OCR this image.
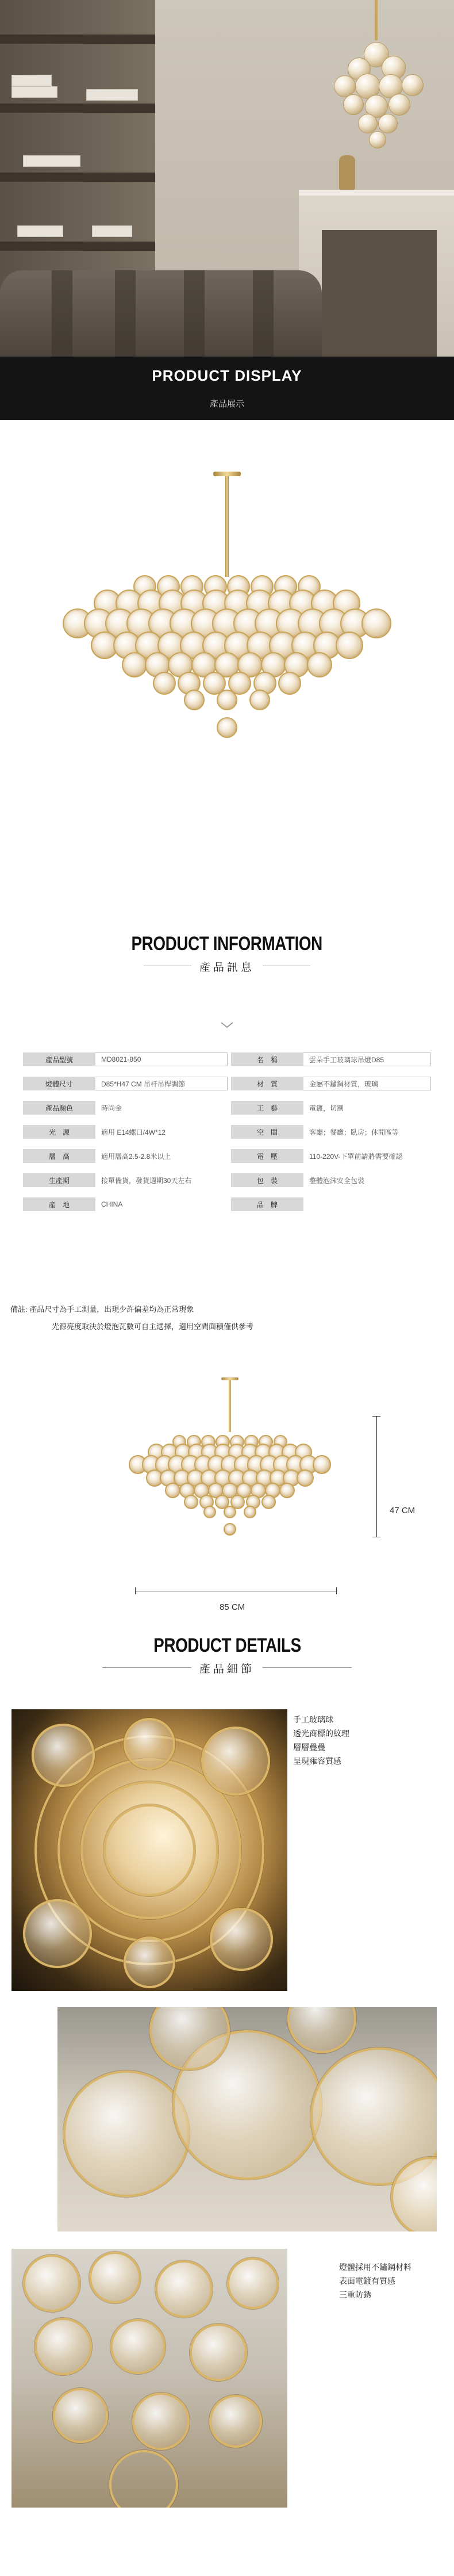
PRODUCT DISPLAY
產品展示
PRODUCT INFORMATION
產品訊息
產品型號	MD8021-850	名　稱	雲朵手工玻璃球吊燈D85
燈體尺寸	D85*H47 CM 吊杆吊桿調節	材　質	金屬不鏽鋼材質，玻璃
產品顏色	時尚金	工　藝	電鍍，切割
光　源	適用 E14螺口/4W*12	空　間	客廳；餐廳；臥房；休閒區等
層　高	適用層高2.5-2.8米以上	電　壓	110-220V-下單前請將需要確認
生產期	接單備貨，發貨週期30天左右	包　裝	整體泡沫安全包裝
產　地	CHINA	品　牌
備註: 產品尺寸為手工測量，出現少許偏差均為正常現象
光源亮度取決於燈泡瓦數可自主選擇，適用空間面積僅供參考
47 CM
85 CM
PRODUCT DETAILS
產品細節
手工玻璃球
透光商標的紋理
層層疊疊
呈現雍容質感
燈體採用不鏽鋼材料
表面電鍍有質感
三重防銹
